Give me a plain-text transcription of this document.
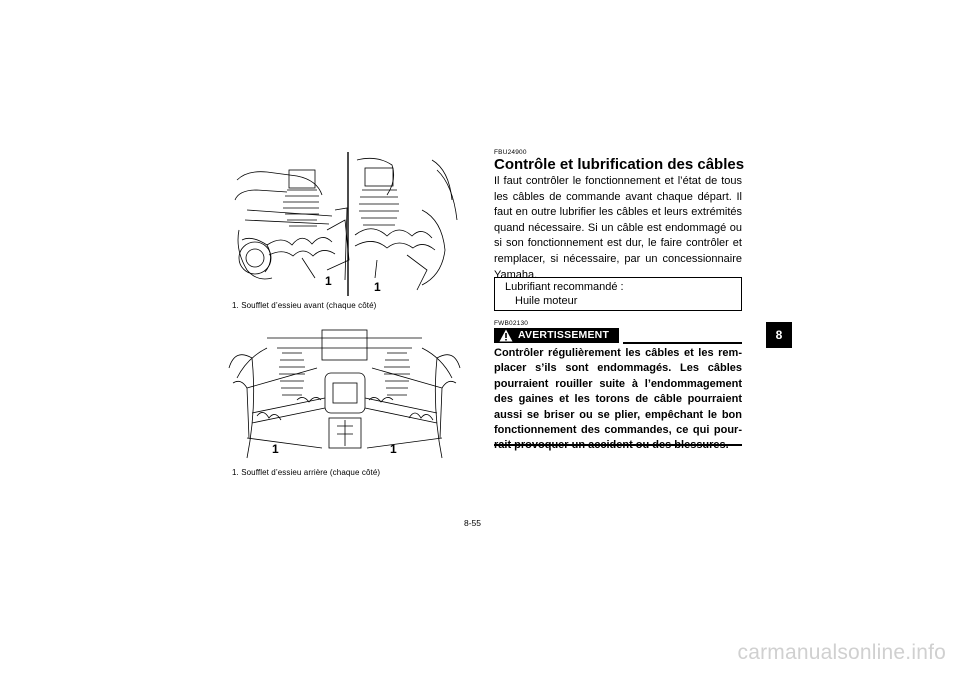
1	1
1. Soufflet d’essieu avant (chaque côté)
1	1
1. Soufflet d’essieu arrière (chaque côté)
FBU24900
Contrôle et lubrification des câbles
Il faut contrôler le fonctionnement et l’état de tous les câbles de commande avant chaque départ. Il faut en outre lubrifier les câbles et leurs extrémités quand nécessaire. Si un câble est endommagé ou si son fonctionnement est dur, le faire contrôler et remplacer, si nécessaire, par un concessionnaire Yamaha.
Lubrifiant recommandé :
Huile moteur
FWB02130
AVERTISSEMENT
Contrôler régulièrement les câbles et les rem-placer s’ils sont endommagés. Les câbles pourraient rouiller suite à l’endommagement des gaines et les torons de câble pourraient aussi se briser ou se plier, empêchant le bon fonctionnement des commandes, ce qui pour-
8-55
8
carmanualsonline.info
